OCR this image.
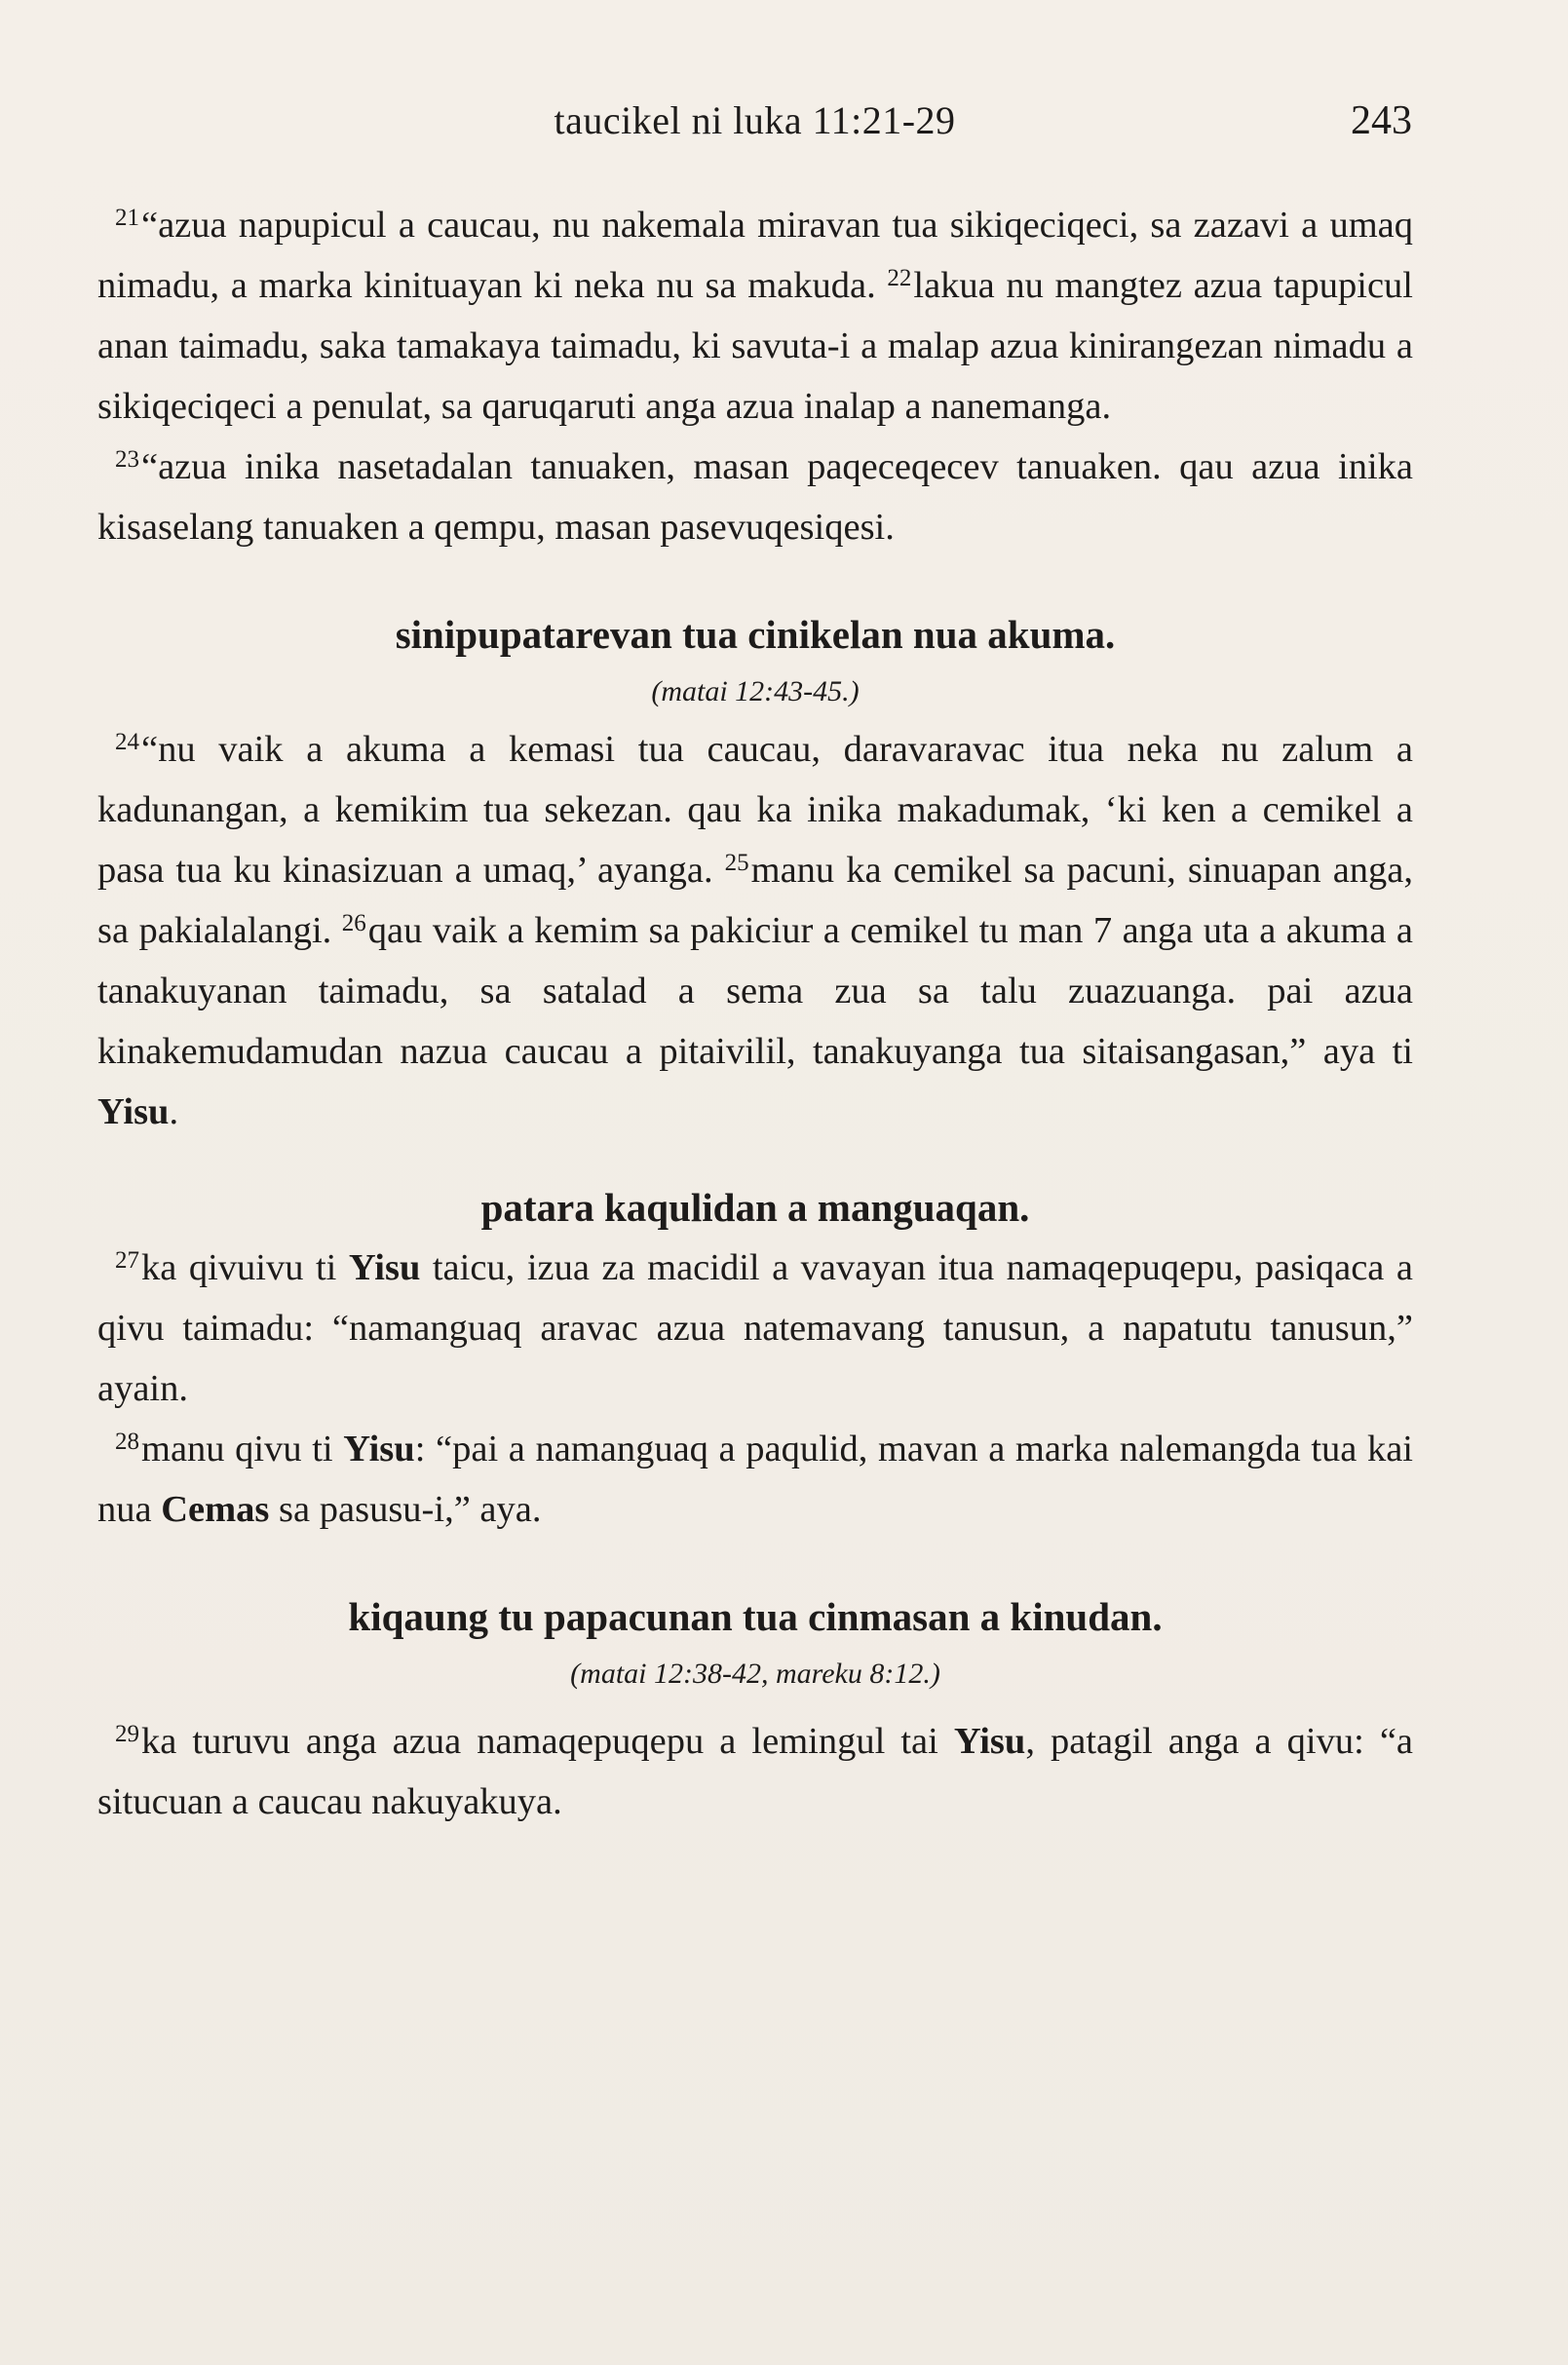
taucikel ni luka 11:21-29	243

$^{21}$“azua napupicul a caucau, nu nakemala miravan tua sikiqeciqeci, sa zazavi a umaq nimadu, a marka kinituayan ki neka nu sa makuda. $^{22}$lakua nu mangtez azua tapupicul anan taimadu, saka tamakaya taimadu, ki savuta-i a malap azua kinirangezan nimadu a sikiqeciqeci a penulat, sa qaruqaruti anga azua inalap a nanemanga.

$^{23}$“azua inika nasetadalan tanuaken, masan paqeceqecev tanuaken. qau azua inika kisaselang tanuaken a qempu, masan pasevuqesiqesi.

sinipupatarevan tua cinikelan nua akuma.

(matai 12:43-45.)

$^{24}$“nu vaik a akuma a kemasi tua caucau, daravaravac itua neka nu zalum a kadunangan, a kemikim tua sekezan. qau ka inika makadumak, ‘ki ken a cemikel a pasa tua ku kinasizuan a umaq,’ ayanga. $^{25}$manu ka cemikel sa pacuni, sinuapan anga, sa pakialalangi. $^{26}$qau vaik a kemim sa pakiciur a cemikel tu man 7 anga uta a akuma a tanakuyanan taimadu, sa satalad a sema zua sa talu zuazuanga. pai azua kinakemudamudan nazua caucau a pitaivilil, tanakuyanga tua sitaisangasan,” aya ti Yisu.

patara kaqulidan a manguaqan.

$^{27}$ka qivuivu ti Yisu taicu, izua za macidil a vavayan itua namaqepuqepu, pasiqaca a qivu taimadu: “namanguaq aravac azua natemavang tanusun, a napatutu tanusun,” ayain.

$^{28}$manu qivu ti Yisu: “pai a namanguaq a paqulid, mavan a marka nalemangda tua kai nua Cemas sa pasusu-i,” aya.

kiqaung tu papacunan tua cinmasan a kinudan.

(matai 12:38-42, mareku 8:12.)

$^{29}$ka turuvu anga azua namaqepuqepu a lemingul tai Yisu, patagil anga a qivu: “a situcuan a caucau nakuyakuya.
